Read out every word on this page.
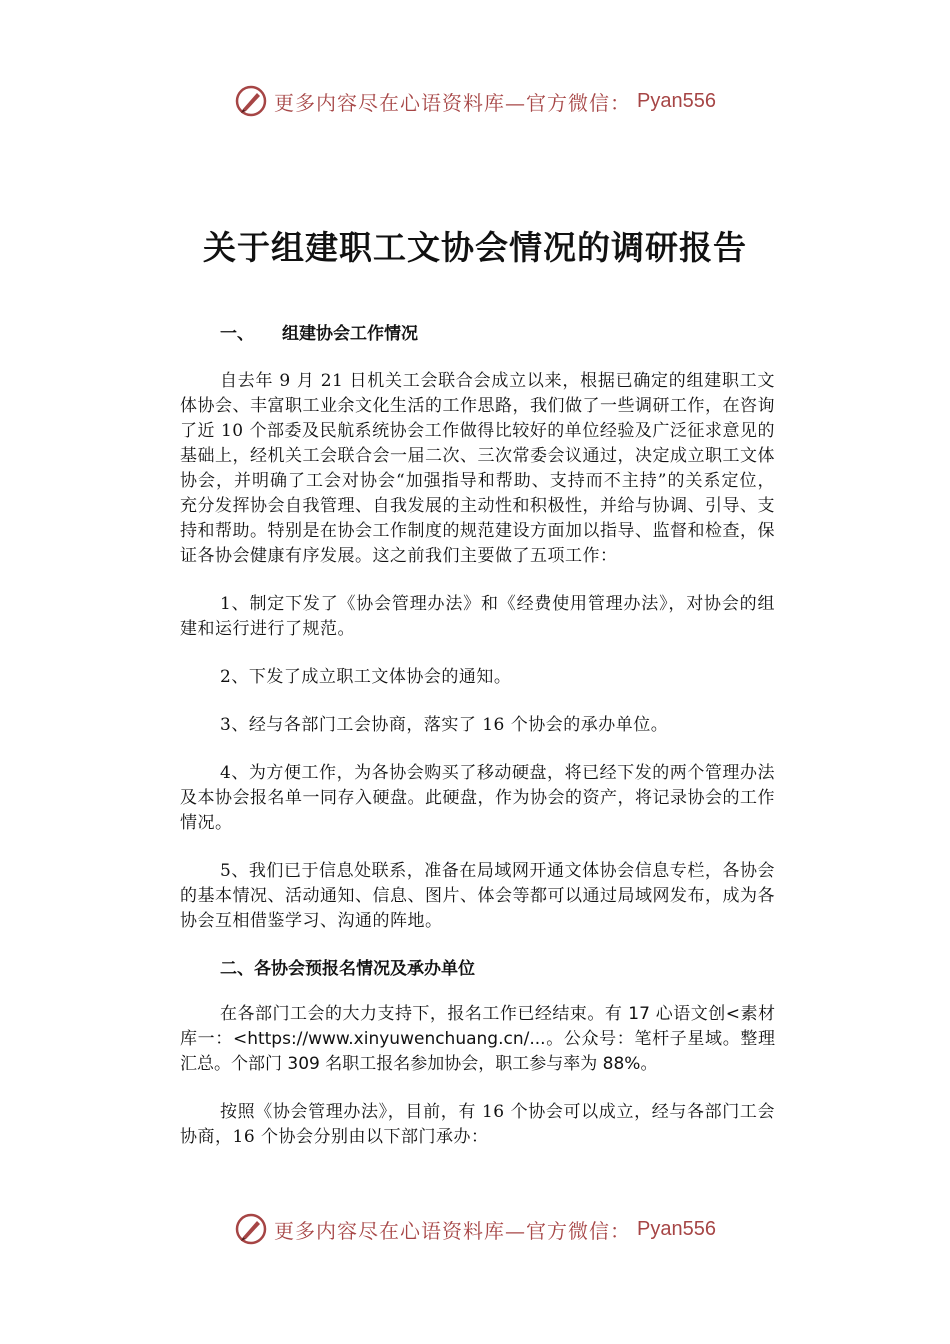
更多内容尽在心语资料库—官方微信： Pyan556
关于组建职工文协会情况的调研报告
一、	组建协会工作情况

自去年 9 月 21 日机关工会联合会成立以来，根据已确定的组建职工文体协会、丰富职工业余文化生活的工作思路，我们做了一些调研工作，在咨询了近 10 个部委及民航系统协会工作做得比较好的单位经验及广泛征求意见的基础上，经机关工会联合会一届二次、三次常委会议通过，决定成立职工文体协会，并明确了工会对协会“加强指导和帮助、支持而不主持”的关系定位，充分发挥协会自我管理、自我发展的主动性和积极性，并给与协调、引导、支持和帮助。特别是在协会工作制度的规范建设方面加以指导、监督和检查，保证各协会健康有序发展。这之前我们主要做了五项工作：

1、制定下发了《协会管理办法》和《经费使用管理办法》，对协会的组建和运行进行了规范。

2、下发了成立职工文体协会的通知。

3、经与各部门工会协商，落实了 16 个协会的承办单位。

4、为方便工作，为各协会购买了移动硬盘，将已经下发的两个管理办法及本协会报名单一同存入硬盘。此硬盘，作为协会的资产，将记录协会的工作情况。

5、我们已于信息处联系，准备在局域网开通文体协会信息专栏，各协会的基本情况、活动通知、信息、图片、体会等都可以通过局域网发布，成为各协会互相借鉴学习、沟通的阵地。

二、各协会预报名情况及承办单位

在各部门工会的大力支持下，报名工作已经结束。有 17 心语文创<素材库一：<https://www.xinyuwenchuang.cn/...。公众号：笔杆子星域。整理汇总。个部门 309 名职工报名参加协会，职工参与率为 88%。

按照《协会管理办法》，目前，有 16 个协会可以成立，经与各部门工会协商，16 个协会分别由以下部门承办：

更多内容尽在心语资料库—官方微信： Pyan556
